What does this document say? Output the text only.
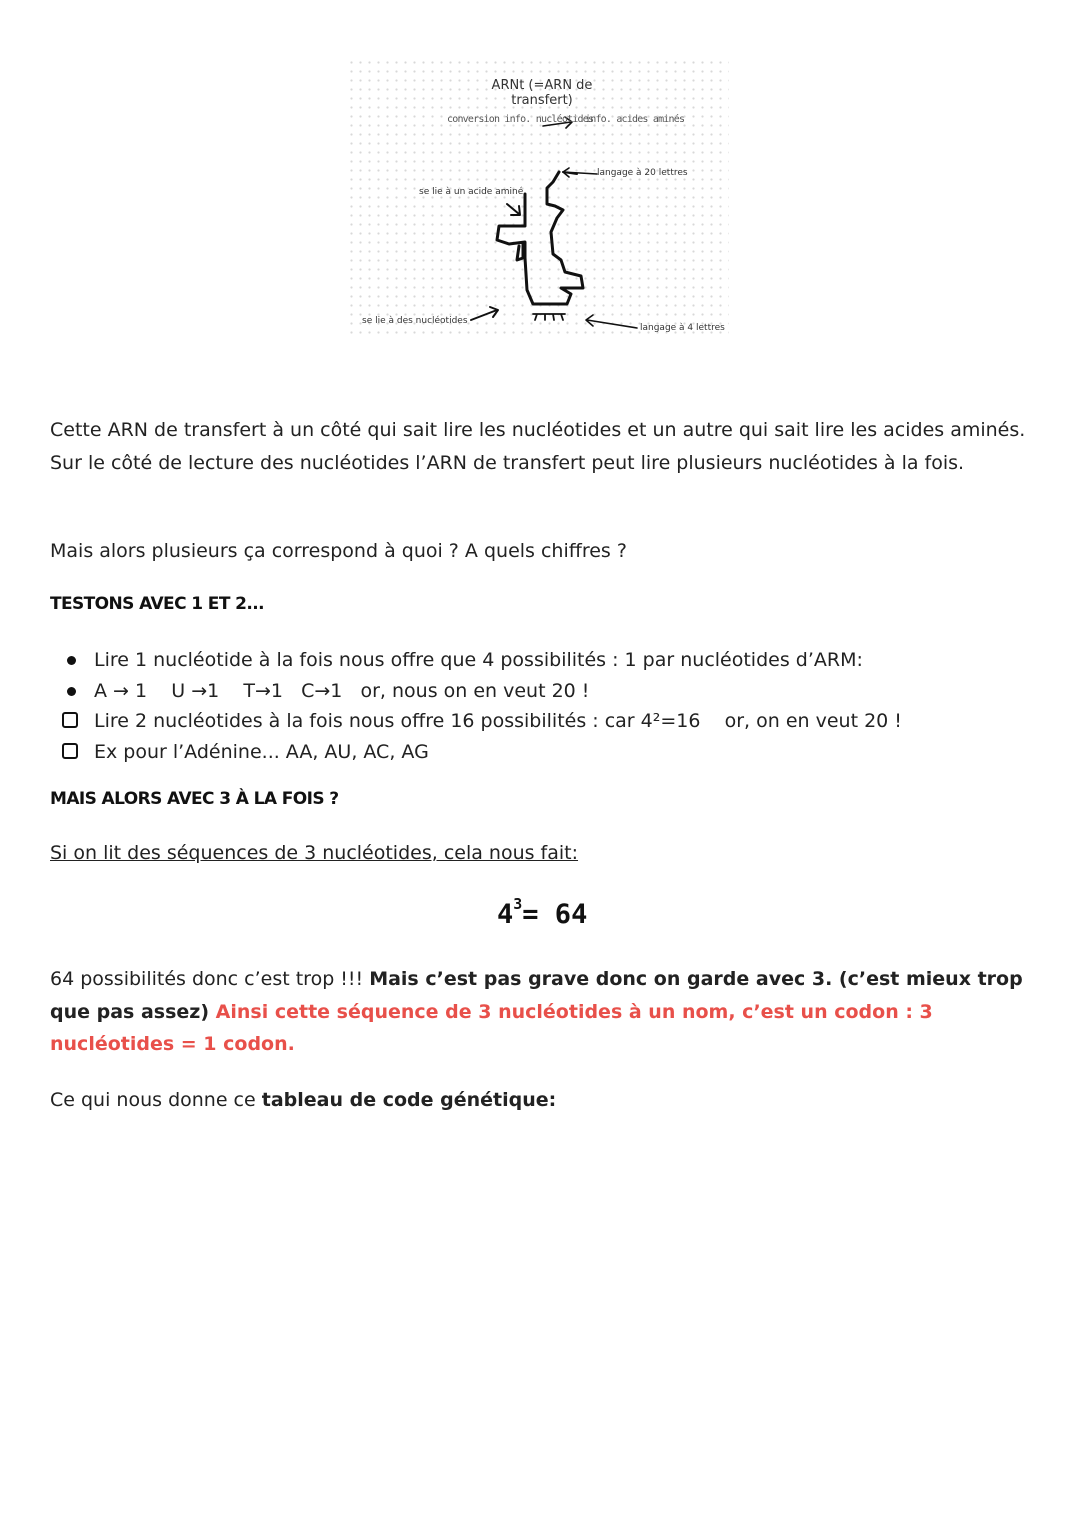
ARNt (=ARN de transfert)
conversion info. nucléotides
info. acides aminés
langage à 20 lettres
se lie à un acide aminé
se lie à des nucléotides
langage à 4 lettres
Cette ARN de transfert à un côté qui sait lire les nucléotides et un autre qui sait lire les acides aminés. Sur le côté de lecture des nucléotides l’ARN de transfert peut lire plusieurs nucléotides à la fois.
Mais alors plusieurs ça correspond à quoi ? A quels chiffres ?
TESTONS AVEC 1 ET 2...
Lire 1 nucléotide à la fois nous offre que 4 possibilités : 1 par nucléotides d’ARM:
A → 1    U →1    T→1   C→1   or, nous on en veut 20 !
Lire 2 nucléotides à la fois nous offre 16 possibilités : car 4²=16    or, on en veut 20 !
Ex pour l’Adénine... AA, AU, AC, AG
MAIS ALORS AVEC 3 À LA FOIS ?
Si on lit des séquences de 3 nucléotides, cela nous fait:
$4^3= 64$
64 possibilités donc c’est trop !!! Mais c’est pas grave donc on garde avec 3. (c’est mieux trop que pas assez) Ainsi cette séquence de 3 nucléotides à un nom, c’est un codon : 3 nucléotides = 1 codon.
Ce qui nous donne ce tableau de code génétique:
